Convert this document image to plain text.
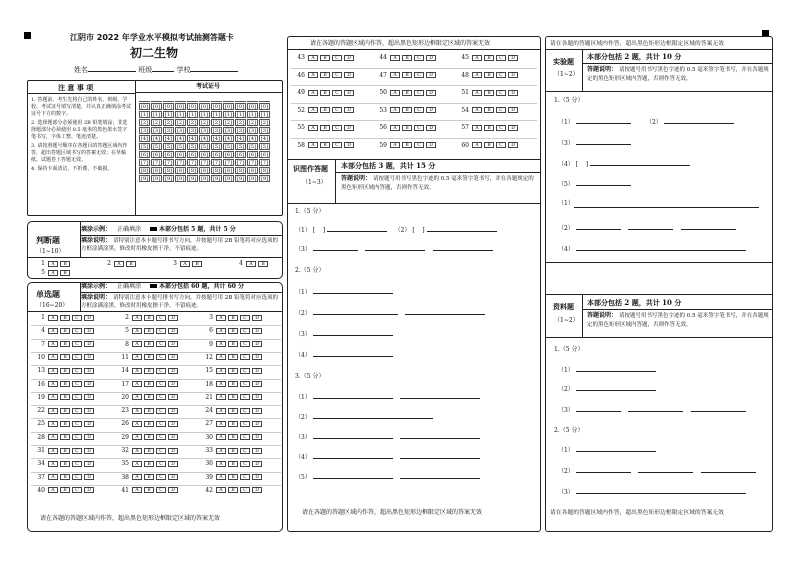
江阴市 2022 年学业水平模拟考试抽测答题卡
初二生物
姓名	班级	学校
注 意 事 项
1. 答题前，考生先将自己的姓名、班级、学校、考试证号填写清楚，并认真正确填涂考试证号下方的数字。
2. 选择题部分必须使用 2B 铅笔填涂；非选择题部分必须使用 0.5 毫米的黑色墨水签字笔书写，字体工整、笔迹清楚。
3. 请按照题号顺序在各题目的答题区域内作答，超出答题区域书写的答案无效；在草稿纸、试题卷上答题无效。
4. 保持卡面清洁，不折叠、不破损。
考试证号
[0] [0] [0] [0] [0] [0] [0] [0] [0] [0] [0]
[1] [1] [1] [1] [1] [1] [1] [1] [1] [1] [1]
[2] [2] [2] [2] [2] [2] [2] [2] [2] [2] [2]
[3] [3] [3] [3] [3] [3] [3] [3] [3] [3] [3]
[4] [4] [4] [4] [4] [4] [4] [4] [4] [4] [4]
[5] [5] [5] [5] [5] [5] [5] [5] [5] [5] [5]
[6] [6] [6] [6] [6] [6] [6] [6] [6] [6] [6]
[7] [7] [7] [7] [7] [7] [7] [7] [7] [7] [7]
[8] [8] [8] [8] [8] [8] [8] [8] [8] [8] [8]
[9] [9] [9] [9] [9] [9] [9] [9] [9] [9] [9]
判断题
（1~10）
填涂示例： 正确填涂	本部分包括 5 题，共计 5 分
填涂说明： 请特别注意本卡题号排书写方向，并按题号用 2B 铅笔将对应选项的方框涂满涂黑。修改时用橡皮擦干净，不留痕迹。
1 A B	2 A B	3 A B	4 A B
5 A B
单选题
（16~20）
填涂示例： 正确填涂	本部分包括 60 题，共计 60 分
填涂说明： 请特别注意本卡题号排书写方向，并按题号用 2B 铅笔将对应选项的方框涂满涂黑。修改时用橡皮擦干净，不留痕迹。
1 A B C D	2 A B C D	3 A B C D
4 A B C D	5 A B C D	6 A B C D
7 A B C D	8 A B C D	9 A B C D
10 A B C D	11 A B C D	12 A B C D
13 A B C D	14 A B C D	15 A B C D
16 A B C D	17 A B C D	18 A B C D
19 A B C D	20 A B C D	21 A B C D
22 A B C D	23 A B C D	24 A B C D
25 A B C D	26 A B C D	27 A B C D
28 A B C D	29 A B C D	30 A B C D
31 A B C D	32 A B C D	33 A B C D
34 A B C D	35 A B C D	36 A B C D
37 A B C D	38 A B C D	39 A B C D
40 A B C D	41 A B C D	42 A B C D
请在各题的答题区域内作答，超出黑色矩形边框限定区域的答案无效
请在各题的答题区域内作答，超出黑色矩形边框限定区域的答案无效
43 A B C D	44 A B C D	45 A B C D
46 A B C D	47 A B C D	48 A B C D
49 A B C D	50 A B C D	51 A B C D
52 A B C D	53 A B C D	54 A B C D
55 A B C D	56 A B C D	57 A B C D
58 A B C D	59 A B C D	60 A B C D
识图作答题
（1~3）
本部分包括 3 题，共计 15 分
答题说明： 请按题号用书写黑色字迹的 0.5 毫米签字笔书写，并在各题规定的黑色矩形区域内答题，否则作答无效。
1.（5 分）
（1） [    ]	（2） [    ]
（3）
2.（5 分）
（1）
（2）
（3）
（4）
3.（5 分）
（1）
（2）
（3）
（4）
（5）
请在各题的答题区域内作答，超出黑色矩形边框限定区域的答案无效
请在各题的答题区域内作答，超出黑色矩形边框限定区域的答案无效
实验题
（1~2）
本部分包括 2 题，共计 10 分
答题说明： 请按题号用书写黑色字迹的 0.5 毫米签字笔书写，并在各题规定的黑色矩形区域内答题，否则作答无效。
1.（5 分）
（1）	（2）
（3）
（4） [    ]
（5）
（1）
（2）
（4）
资料题
（1~2）
本部分包括 2 题，共计 10 分
答题说明： 请按题号用书写黑色字迹的 0.5 毫米签字笔书写，并在各题规定的黑色矩形区域内答题，否则作答无效。
1.（5 分）
（1）
（2）
（3）
2.（5 分）
（1）
（2）
（3）
请在各题的答题区域内作答，超出黑色矩形边框限定区域的答案无效
